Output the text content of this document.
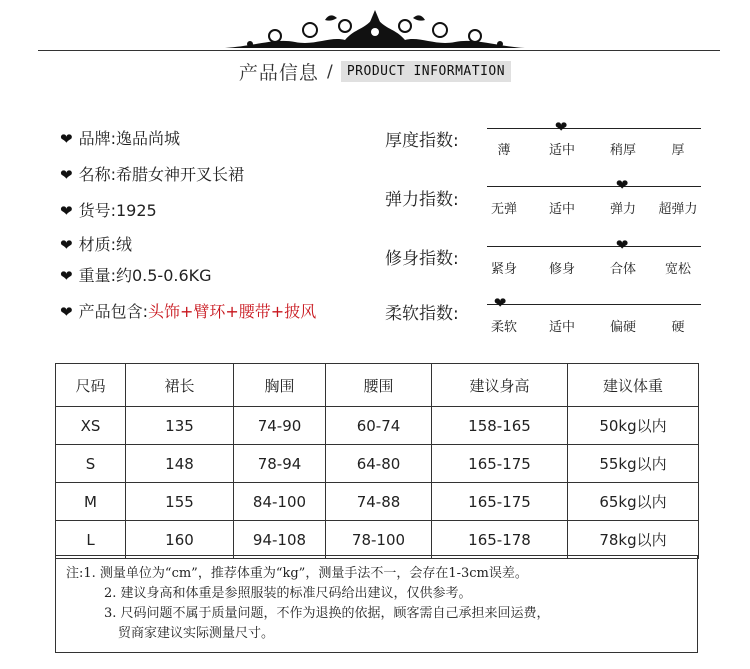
产品信息 / PRODUCT INFORMATION
❤ 品牌:逸品尚城
❤ 名称:希腊女神开叉长裙
❤ 货号:1925
❤ 材质:绒
❤ 重量:约0.5-0.6KG
❤ 产品包含:头饰+臂环+腰带+披风
厚度指数:
❤
薄	适中	稍厚	厚
弹力指数:
❤
无弹 适中	弹力 超弹力
修身指数:
❤
紧身 修身	合体 宽松
柔软指数:
❤
柔软 适中	偏硬	硬
尺码	裙长	胸围	腰围	建议身高	建议体重
XS	135	74-90	60-74	158-165	50kg以内
S	148	78-94	64-80	165-175	55kg以内
M	155	84-100	74-88	165-175	65kg以内
L	160	94-108	78-100	165-178	78kg以内
注:1. 测量单位为“cm”，推荐体重为“kg”，测量手法不一，会存在1-3cm误差。
2. 建议身高和体重是参照服装的标准尺码给出建议，仅供参考。
3. 尺码问题不属于质量问题，不作为退换的依据，顾客需自己承担来回运费，
贸商家建议实际测量尺寸。
